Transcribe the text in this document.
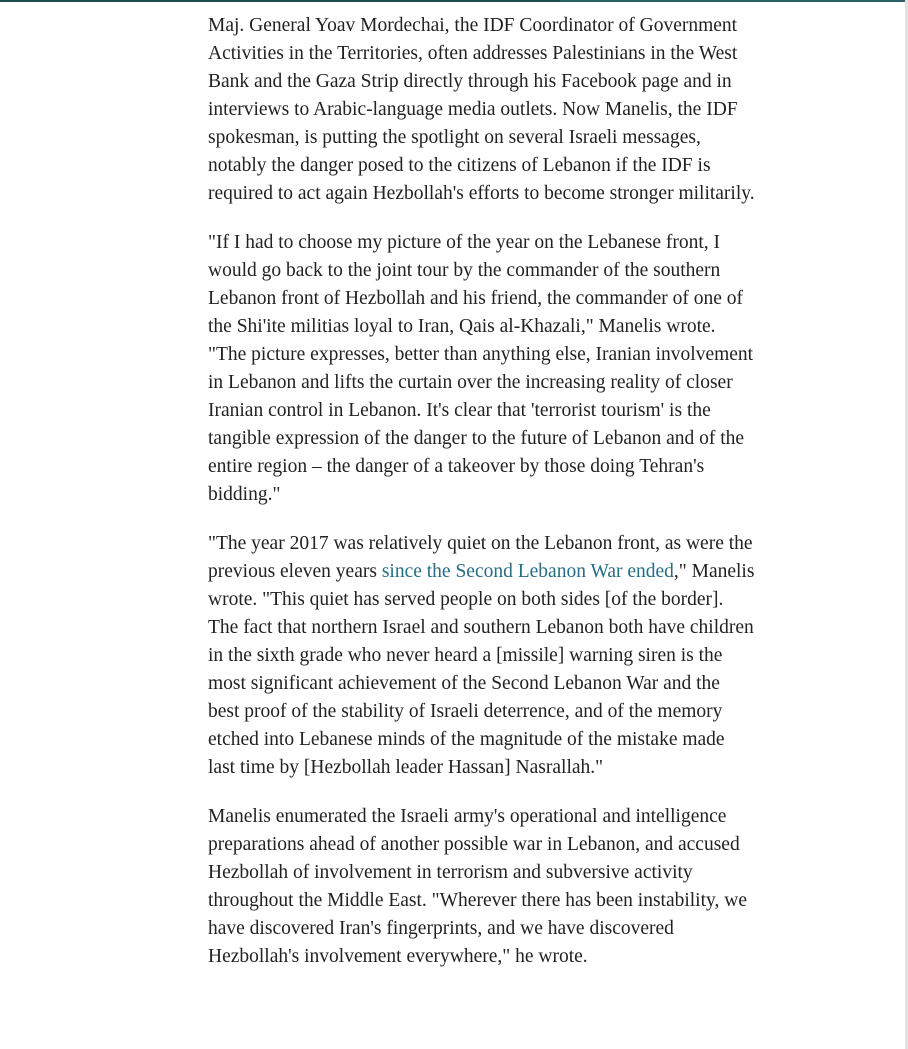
Maj. General Yoav Mordechai, the IDF Coordinator of Government Activities in the Territories, often addresses Palestinians in the West Bank and the Gaza Strip directly through his Facebook page and in interviews to Arabic-language media outlets. Now Manelis, the IDF spokesman, is putting the spotlight on several Israeli messages, notably the danger posed to the citizens of Lebanon if the IDF is required to act again Hezbollah's efforts to become stronger militarily.

"If I had to choose my picture of the year on the Lebanese front, I would go back to the joint tour by the commander of the southern Lebanon front of Hezbollah and his friend, the commander of one of the Shi'ite militias loyal to Iran, Qais al-Khazali," Manelis wrote. "The picture expresses, better than anything else, Iranian involvement in Lebanon and lifts the curtain over the increasing reality of closer Iranian control in Lebanon. It's clear that 'terrorist tourism' is the tangible expression of the danger to the future of Lebanon and of the entire region – the danger of a takeover by those doing Tehran's bidding."

"The year 2017 was relatively quiet on the Lebanon front, as were the previous eleven years since the Second Lebanon War ended," Manelis wrote. "This quiet has served people on both sides [of the border]. The fact that northern Israel and southern Lebanon both have children in the sixth grade who never heard a [missile] warning siren is the most significant achievement of the Second Lebanon War and the best proof of the stability of Israeli deterrence, and of the memory etched into Lebanese minds of the magnitude of the mistake made last time by [Hezbollah leader Hassan] Nasrallah."

Manelis enumerated the Israeli army's operational and intelligence preparations ahead of another possible war in Lebanon, and accused Hezbollah of involvement in terrorism and subversive activity throughout the Middle East. "Wherever there has been instability, we have discovered Iran's fingerprints, and we have discovered Hezbollah's involvement everywhere," he wrote.
